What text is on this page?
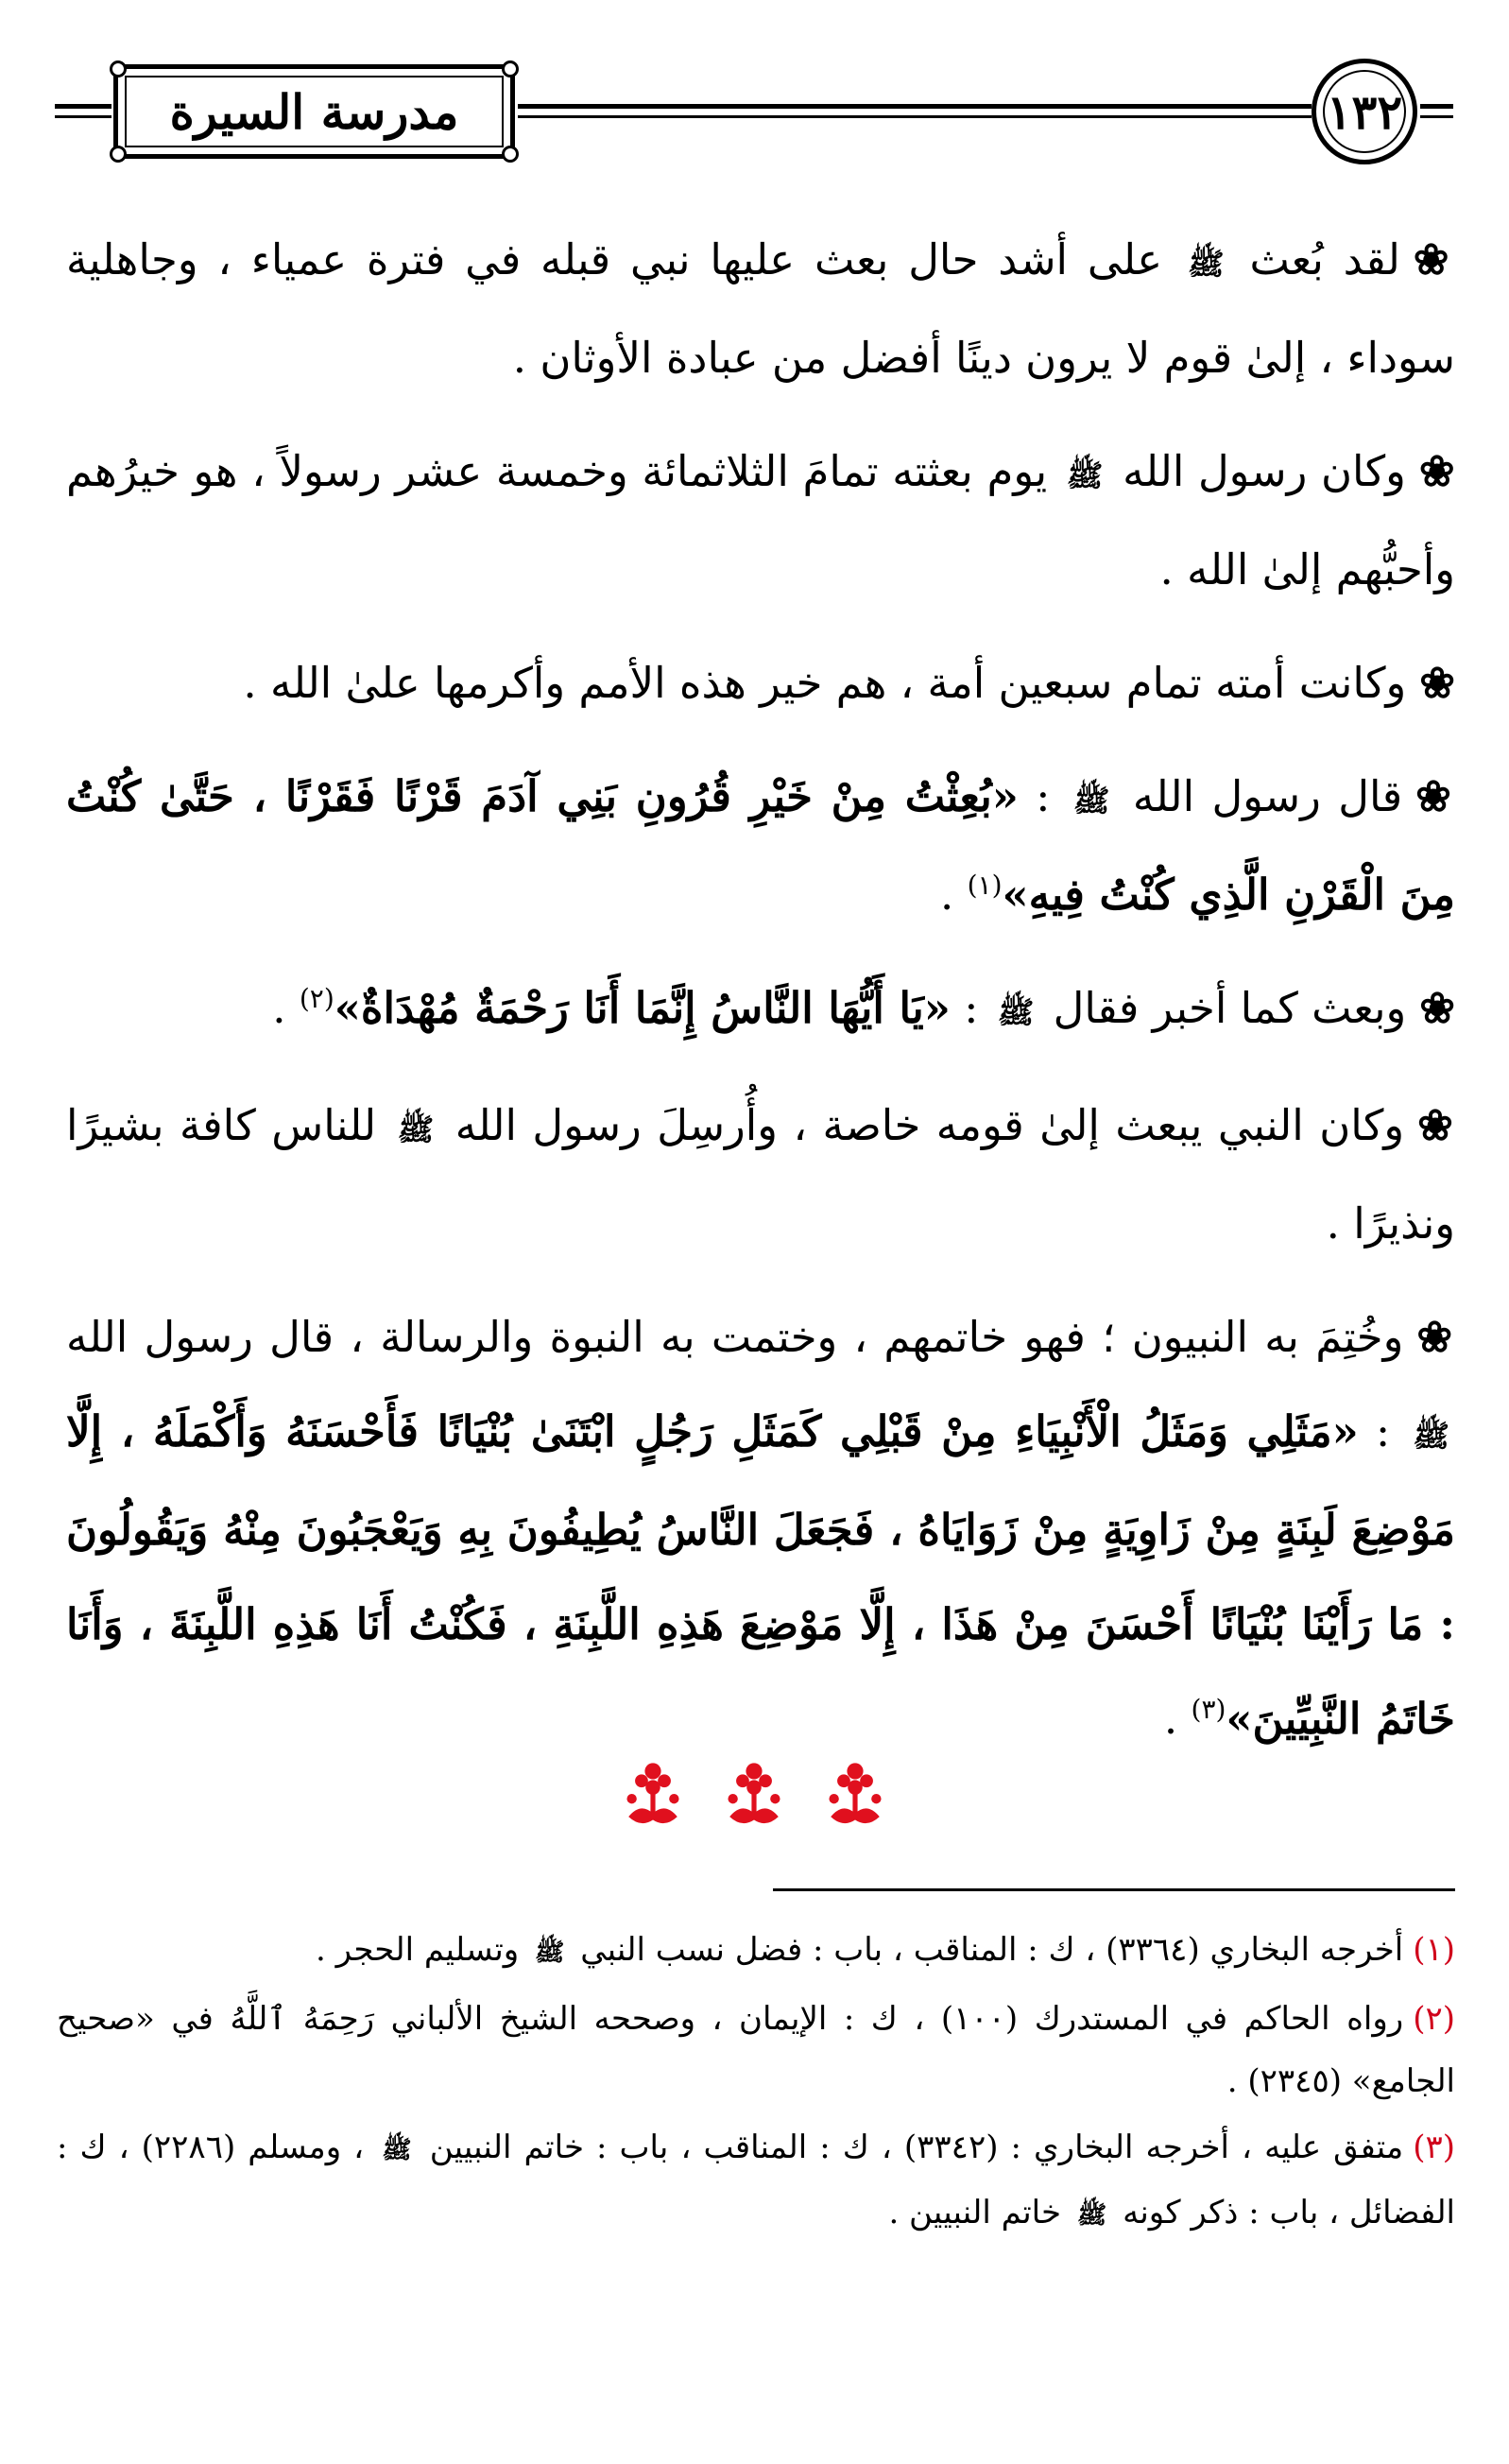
مدرسة السيرة	١٣٢

❀لقد بُعث ﷺ على أشد حال بعث عليها نبي قبله في فترة عمياء ، وجاهلية سوداء ، إلىٰ قوم لا يرون دينًا أفضل من عبادة الأوثان .

❀وكان رسول الله ﷺ يوم بعثته تمامَ الثلاثمائة وخمسة عشر رسولاً ، هو خيرُهم وأحبُّهم إلىٰ الله .

❀وكانت أمته تمام سبعين أمة ، هم خير هذه الأمم وأكرمها علىٰ الله .

❀قال رسول الله ﷺ : «بُعِثْتُ مِنْ خَيْرِ قُرُونِ بَنِي آدَمَ قَرْنًا فَقَرْنًا ، حَتَّىٰ كُنْتُ مِنَ الْقَرْنِ الَّذِي كُنْتُ فِيهِ»$^{(١)}$ .

❀وبعث كما أخبر فقال ﷺ : «يَا أَيُّهَا النَّاسُ إِنَّمَا أَنَا رَحْمَةٌ مُهْدَاةٌ»$^{(٢)}$ .

❀وكان النبي يبعث إلىٰ قومه خاصة ، وأُرسِلَ رسول الله ﷺ للناس كافة بشيرًا ونذيرًا .

❀وخُتِمَ به النبيون ؛ فهو خاتمهم ، وختمت به النبوة والرسالة ، قال رسول الله ﷺ : «مَثَلِي وَمَثَلُ الْأَنْبِيَاءِ مِنْ قَبْلِي كَمَثَلِ رَجُلٍ ابْتَنَىٰ بُنْيَانًا فَأَحْسَنَهُ وَأَكْمَلَهُ ، إِلَّا مَوْضِعَ لَبِنَةٍ مِنْ زَاوِيَةٍ مِنْ زَوَايَاهُ ، فَجَعَلَ النَّاسُ يُطِيفُونَ بِهِ وَيَعْجَبُونَ مِنْهُ وَيَقُولُونَ : مَا رَأَيْنَا بُنْيَانًا أَحْسَنَ مِنْ هَذَا ، إِلَّا مَوْضِعَ هَذِهِ اللَّبِنَةِ ، فَكُنْتُ أَنَا هَذِهِ اللَّبِنَةَ ، وَأَنَا خَاتَمُ النَّبِيِّينَ»$^{(٣)}$ .

(١)أخرجه البخاري (٣٣٦٤) ، ك : المناقب ، باب : فضل نسب النبي ﷺ وتسليم الحجر .

(٢)رواه الحاكم في المستدرك (١٠٠) ، ك : الإيمان ، وصححه الشيخ الألباني رَحِمَهُ ٱللَّهُ في «صحيح الجامع» (٢٣٤٥) .

(٣)متفق عليه ، أخرجه البخاري : (٣٣٤٢) ، ك : المناقب ، باب : خاتم النبيين ﷺ ، ومسلم (٢٢٨٦) ، ك : الفضائل ، باب : ذكر كونه ﷺ خاتم النبيين .
